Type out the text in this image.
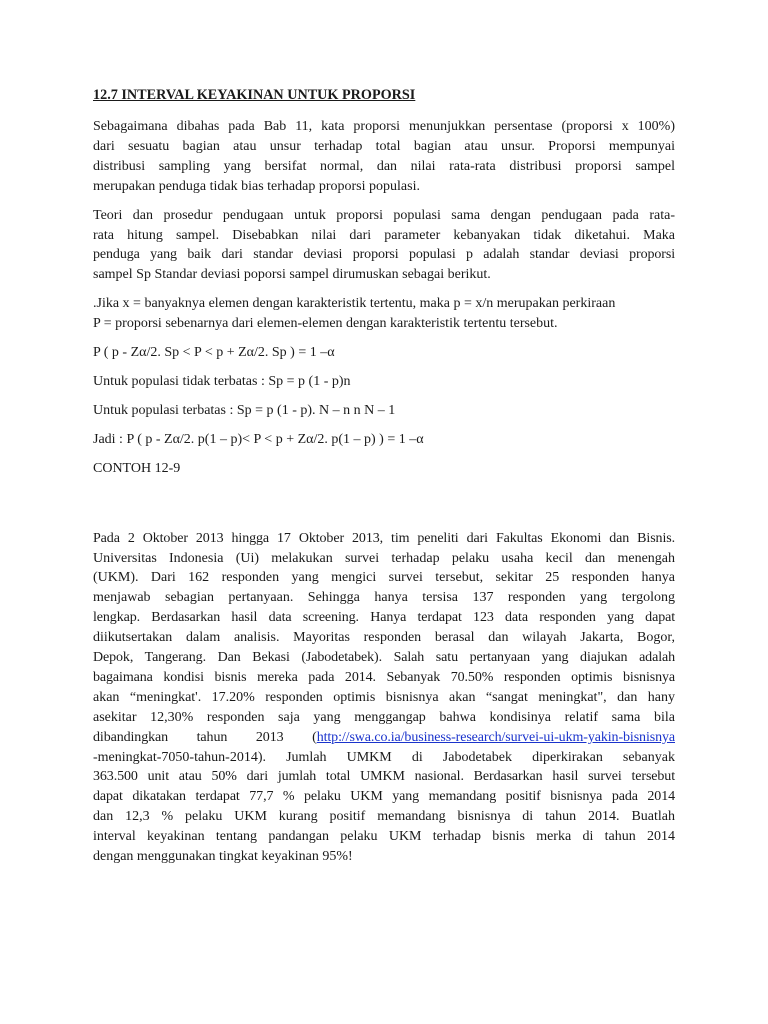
12.7 INTERVAL KEYAKINAN UNTUK PROPORSI
Sebagaimana dibahas pada Bab 11, kata proporsi menunjukkan persentase (proporsi x 100%)
dari sesuatu bagian atau unsur terhadap total bagian atau unsur. Proporsi mempunyai
distribusi sampling yang bersifat normal, dan nilai rata-rata distribusi proporsi sampel
merupakan penduga tidak bias terhadap proporsi populasi.
Teori dan prosedur pendugaan untuk proporsi populasi sama dengan pendugaan pada rata-
rata hitung sampel. Disebabkan nilai dari parameter kebanyakan tidak diketahui. Maka
penduga yang baik dari standar deviasi proporsi populasi p adalah standar deviasi proporsi
sampel Sp Standar deviasi poporsi sampel dirumuskan sebagai berikut.
.Jika x = banyaknya elemen dengan karakteristik tertentu, maka p = x/n merupakan perkiraan
P = proporsi sebenarnya dari elemen-elemen dengan karakteristik tertentu tersebut.
P ( p - Zα/2. Sp < P < p + Zα/2. Sp ) = 1 –α
Untuk populasi tidak terbatas : Sp = p (1 - p)n
Untuk populasi terbatas : Sp = p (1 - p). N – n n N – 1
Jadi : P ( p - Zα/2. p(1 – p)< P < p + Zα/2. p(1 – p) ) = 1 –α
CONTOH 12-9
Pada 2 Oktober 2013 hingga 17 Oktober 2013, tim peneliti dari Fakultas Ekonomi dan Bisnis.
Universitas Indonesia (Ui) melakukan survei terhadap pelaku usaha kecil dan menengah
(UKM). Dari 162 responden yang mengici survei tersebut, sekitar 25 responden hanya
menjawab sebagian pertanyaan. Sehingga hanya tersisa 137 responden yang tergolong
lengkap. Berdasarkan hasil data screening. Hanya terdapat 123 data responden yang dapat
diikutsertakan dalam analisis. Mayoritas responden berasal dan wilayah Jakarta, Bogor,
Depok, Tangerang. Dan Bekasi (Jabodetabek). Salah satu pertanyaan yang diajukan adalah
bagaimana kondisi bisnis mereka pada 2014. Sebanyak 70.50% responden optimis bisnisnya
akan “meningkat'. 17.20% responden optimis bisnisnya akan “sangat meningkat", dan hany
asekitar 12,30% responden saja yang menggangap bahwa kondisinya relatif sama bila
dibandingkan tahun 2013 (http://swa.co.ia/business-research/survei-ui-ukm-yakin-bisnisnya
-meningkat-7050-tahun-2014). Jumlah UMKM di Jabodetabek diperkirakan sebanyak
363.500 unit atau 50% dari jumlah total UMKM nasional. Berdasarkan hasil survei tersebut
dapat dikatakan terdapat 77,7 % pelaku UKM yang memandang positif bisnisnya pada 2014
dan 12,3 % pelaku UKM kurang positif memandang bisnisnya di tahun 2014. Buatlah
interval keyakinan tentang pandangan pelaku UKM terhadap bisnis merka di tahun 2014
dengan menggunakan tingkat keyakinan 95%!
